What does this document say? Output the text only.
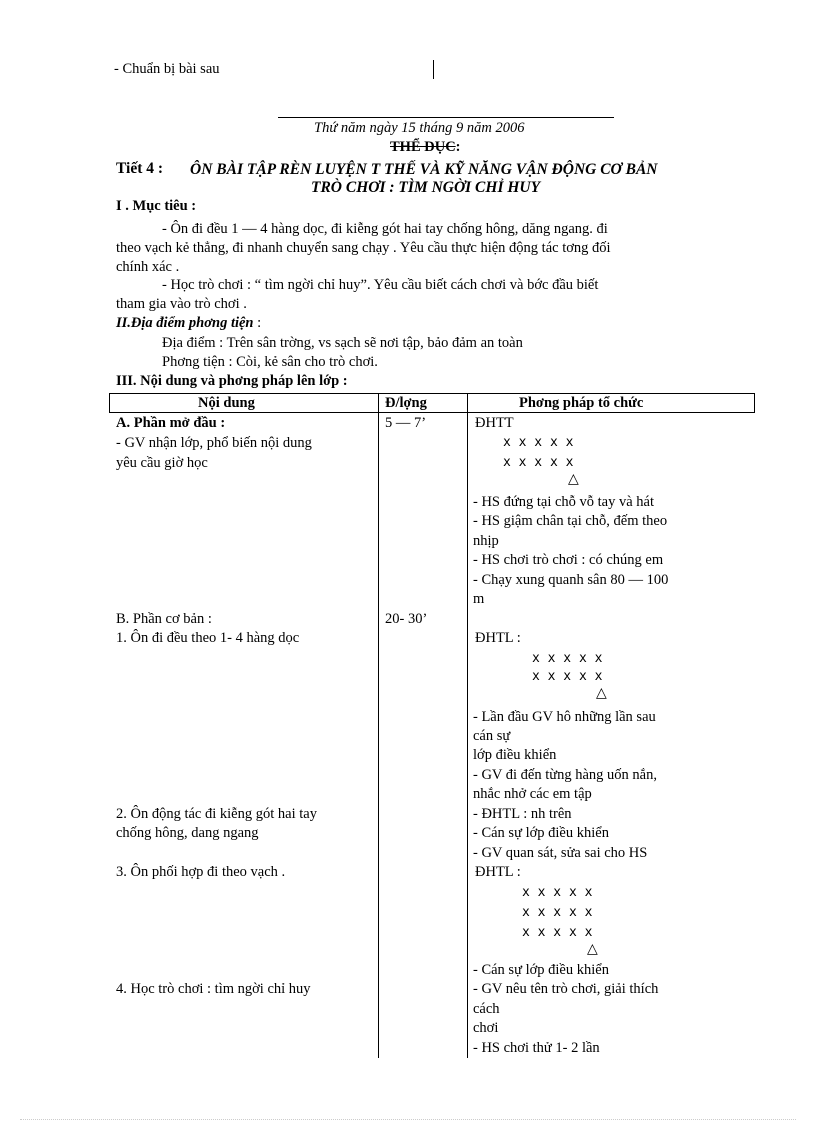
- Chuẩn bị bài sau
Thứ năm ngày 15 tháng 9 năm 2006
THỂ DỤC:
Tiết 4 : ÔN BÀI TẬP RÈN LUYỆN T THẾ VÀ KỸ NĂNG VẬN ĐỘNG CƠ BẢN
TRÒ CHƠI : TÌM NGỜI CHỈ HUY
I . Mục tiêu :
- Ôn đi đều 1 — 4 hàng dọc, đi kiễng gót hai tay chống hông, dăng ngang. đi
theo vạch kẻ thẳng, đi nhanh chuyển sang chạy . Yêu cầu thực hiện động tác tơng đối
chính xác .
- Học trò chơi : “ tìm ngời chỉ huy”. Yêu cầu biết cách chơi và bớc đầu biết
tham gia vào trò chơi .
II.Địa điểm phơng tiện :
Địa điểm : Trên sân trờng, vs sạch sẽ nơi tập, bảo đảm an toàn
Phơng tiện : Còi, kẻ sân cho trò chơi.
III. Nội dung và phơng pháp lên lớp :
Nội dung	Đ/lợng	Phơng pháp tổ chức
A. Phần mở đầu :
- GV nhận lớp, phổ biến nội dung
yêu cầu giờ học
B. Phần cơ bản :
1. Ôn đi đều theo 1- 4 hàng dọc
2. Ôn động tác đi kiễng gót hai tay
chống hông, dang ngang
3. Ôn phối hợp đi theo vạch .
4. Học trò chơi : tìm ngời chỉ huy
5 — 7’
20- 30’
ĐHTT
x x x x x
x x x x x
△
- HS đứng tại chỗ vỗ tay và hát
- HS giậm chân tại chỗ, đếm theo
nhịp
- HS chơi trò chơi : có chúng em
- Chạy xung quanh sân 80 — 100
m
ĐHTL :
x x x x x
x x x x x
△
- Lần đầu GV hô những lần sau
cán sự
lớp điều khiển
- GV đi đến từng hàng uốn nắn,
nhắc nhở các em tập
- ĐHTL : nh trên
- Cán sự lớp điều khiển
- GV quan sát, sửa sai cho HS
ĐHTL :
x x x x x
x x x x x
x x x x x
△
- Cán sự lớp điều khiển
- GV nêu tên trò chơi, giải thích
cách
chơi
- HS chơi thử 1- 2 lần
